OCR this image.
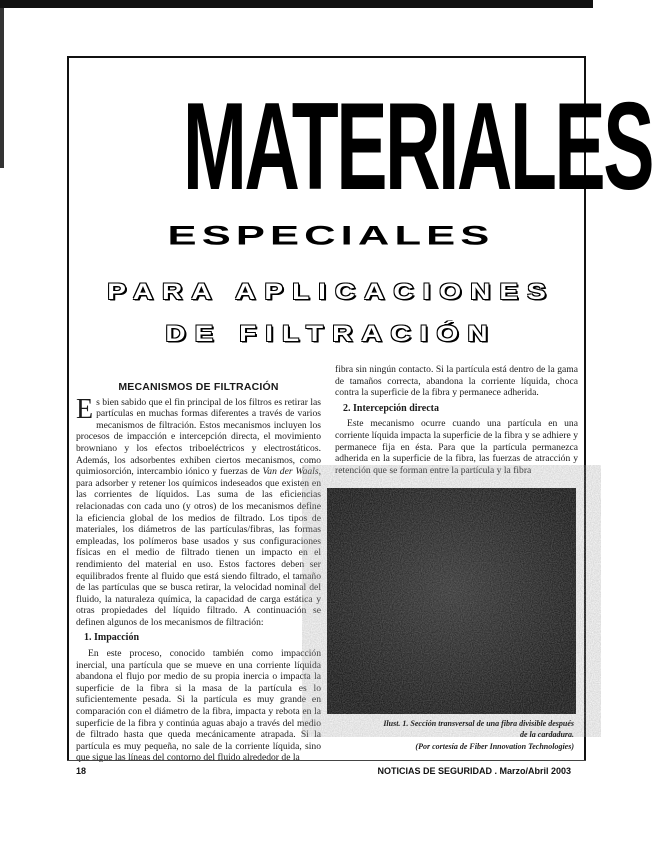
MATERIALES
ESPECIALES
PARA APLICACIONES
DE FILTRACIÓN
MECANISMOS DE FILTRACIÓN

Es bien sabido que el fin principal de los filtros es retirar las partículas en muchas formas diferentes a través de varios mecanismos de filtración. Estos mecanismos incluyen los procesos de impacción e intercepción directa, el movimiento browniano y los efectos triboeléctricos y electrostáticos. Además, los adsorbentes exhiben ciertos mecanismos, como quimiosorción, intercambio iónico y fuerzas de Van der Waals, para adsorber y retener los químicos indeseados que existen en las corrientes de líquidos. Las suma de las eficiencias relacionadas con cada uno (y otros) de los mecanismos define la eficiencia global de los medios de filtrado. Los tipos de materiales, los diámetros de las partículas/fibras, las formas empleadas, los polímeros base usados y sus configuraciones físicas en el medio de filtrado tienen un impacto en el rendimiento del material en uso. Estos factores deben ser equilibrados frente al fluido que está siendo filtrado, el tamaño de las partículas que se busca retirar, la velocidad nominal del fluido, la naturaleza química, la capacidad de carga estática y otras propiedades del líquido filtrado. A continuación se definen algunos de los mecanismos de filtración:

1. Impacción

En este proceso, conocido también como impacción inercial, una partícula que se mueve en una corriente líquida abandona el flujo por medio de su propia inercia o impacta la superficie de la fibra si la masa de la partícula es lo suficientemente pesada. Si la partícula es muy grande en comparación con el diámetro de la fibra, impacta y rebota en la superficie de la fibra y continúa aguas abajo a través del medio de filtrado hasta que queda mecánicamente atrapada. Si la partícula es muy pequeña, no sale de la corriente líquida, sino que sigue las líneas del contorno del fluido alrededor de la

fibra sin ningún contacto. Si la partícula está dentro de la gama de tamaños correcta, abandona la corriente líquida, choca contra la superficie de la fibra y permanece adherida.

2. Intercepción directa

Este mecanismo ocurre cuando una partícula en una corriente líquida impacta la superficie de la fibra y se adhiere y permanece fija en ésta. Para que la partícula permanezca adherida en la superficie de la fibra, las fuerzas de atracción y retención que se forman entre la partícula y la fibra

Ilust. 1. Sección transversal de una fibra divisible después de la cardadura.
(Por cortesía de Fiber Innovation Technologies)
18	NOTICIAS DE SEGURIDAD . Marzo/Abril 2003
